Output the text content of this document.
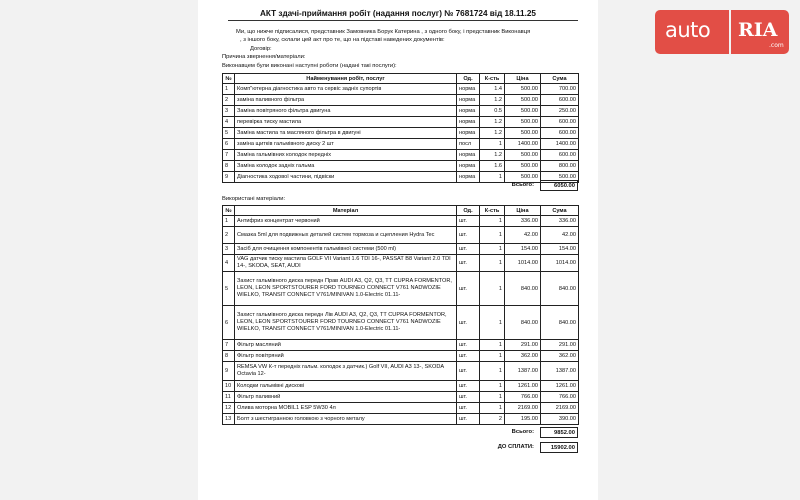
АКТ здачі-приймання робіт (надання послуг) № 7681724 від 18.11.25
Ми, що нижче підписалися, представник Замовника Борук Катерина , з одного боку, і представник Виконавця
, з іншого боку, склали цей акт про те, що на підставі наведених документів:
Договір:
Причина звернення/матеріали:
Виконавцем були виконані наступні роботи (надані такі послуги):
№	Найменування робіт, послуг	Од.	К-сть	Ціна	Сума
1	Комп"ютерна діагностика авто та сервіс задніх супортів	норма	1.4	500.00	700.00
2	заміна паливного фільтра	норма	1.2	500.00	600.00
3	Заміна повітряного фільтра двигуна	норма	0.5	500.00	250.00
4	перевірка тиску мастила	норма	1.2	500.00	600.00
5	Заміна мастила та масляного фільтра в двигуні	норма	1.2	500.00	600.00
6	заміна щитків гальмівного диску 2 шт	посл	1	1400.00	1400.00
7	Заміна гальмівних колодок передніх	норма	1.2	500.00	600.00
8	Заміна колодок задніх гальма	норма	1.6	500.00	800.00
9	Діагностика ходової частини, підвіски	норма	1	500.00	500.00
Всього:	6050.00
Використані матеріали:
№	Матеріал	Од.	К-сть	Ціна	Сума
1	Антифриз концентрат червоний	шт.	1	336.00	336.00
2	Смазка 5ml для подвижных деталей систем тормоза и сцепления Hydra Tec	шт.	1	42.00	42.00
3	Засіб для очищення компонентів гальмівної системи (500 ml)	шт.	1	154.00	154.00
4	VAG датчик тиску мастила GOLF VII Variant 1.6 TDI 16-, PASSAT B8 Variant 2.0 TDI 14-, SKODA, SEAT, AUDI	шт.	1	1014.00	1014.00
5	Захист гальмівного диска передн Прав AUDI A3, Q2, Q3, TT CUPRA FORMENTOR, LEON, LEON SPORTSTOURER FORD TOURNEO CONNECT V761 NADWOZIE WIELKO, TRANSIT CONNECT V761/MINIVAN 1.0-Electric 01.11-	шт.	1	840.00	840.00
6	Захист гальмівного диска передн Лів AUDI A3, Q2, Q3, TT CUPRA FORMENTOR, LEON, LEON SPORTSTOURER FORD TOURNEO CONNECT V761 NADWOZIE WIELKO, TRANSIT CONNECT V761/MINIVAN 1.0-Electric 01.11-	шт.	1	840.00	840.00
7	Фільтр масляний	шт.	1	291.00	291.00
8	Фільтр повітряний	шт.	1	362.00	362.00
9	REMSA VW К-т передніх гальм. колодок з датчик.) Golf VII, AUDI A3 13-, SKODA Octavia 12-	шт.	1	1387.00	1387.00
10	Колодки гальмівні дискові	шт.	1	1261.00	1261.00
11	Фільтр паливний	шт.	1	766.00	766.00
12	Олива моторна MOBIL1 ESP 5W30 4л	шт.	1	2169.00	2169.00
13	Болт з шестигранною головкою з чорного металу	шт.	2	195.00	390.00
Всього:	9852.00
ДО СПЛАТИ:	15902.00
auto RIA
.com
